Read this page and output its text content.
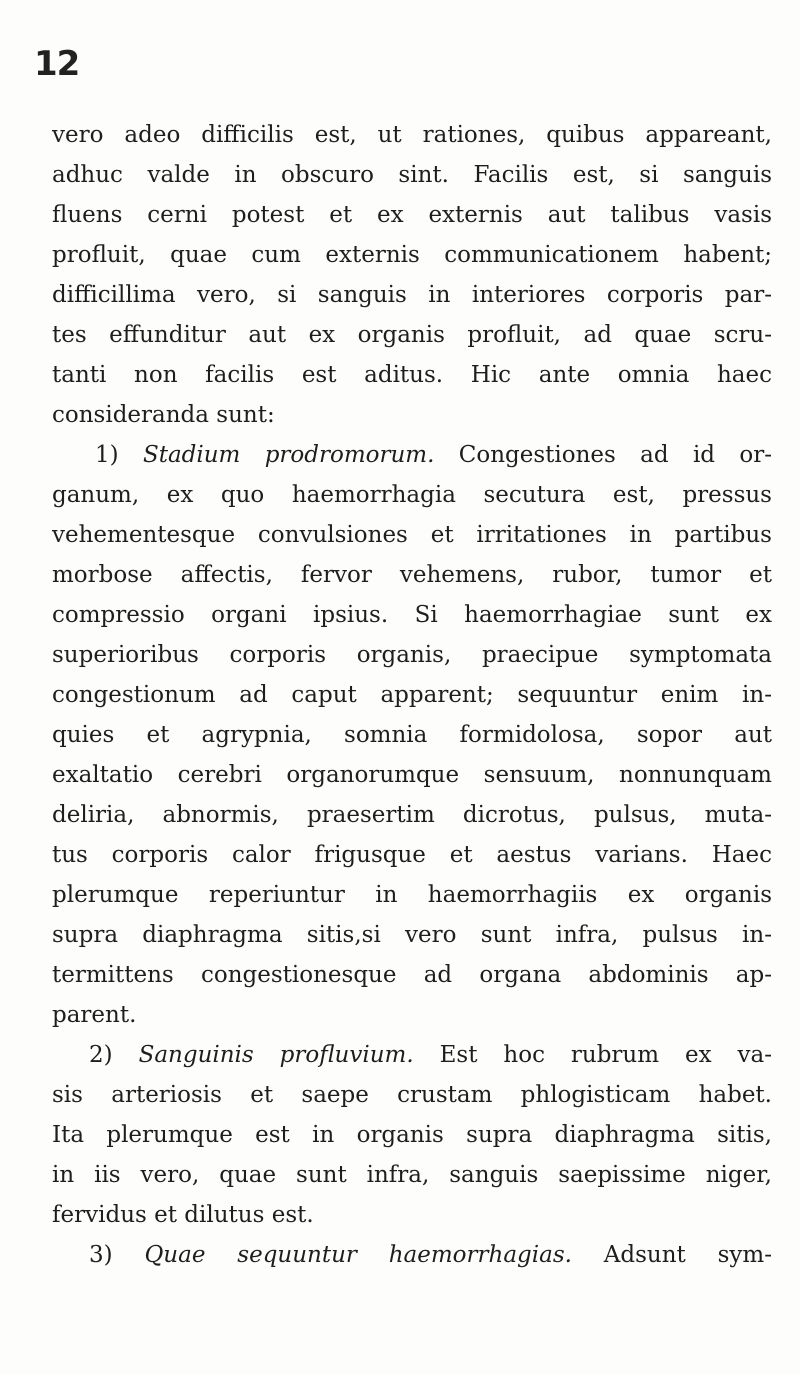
12
vero adeo difficilis est, ut rationes, quibus appareant,
adhuc valde in obscuro sint. Facilis est, si sanguis
fluens cerni potest et ex externis aut talibus vasis
profluit, quae cum externis communicationem habent;
difficillima vero, si sanguis in interiores corporis par-
tes effunditur aut ex organis profluit, ad quae scru-
tanti non facilis est aditus. Hic ante omnia haec
consideranda sunt:
1) Stadium prodromorum. Congestiones ad id or-
ganum, ex quo haemorrhagia secutura est, pressus
vehementesque convulsiones et irritationes in partibus
morbose affectis, fervor vehemens, rubor, tumor et
compressio organi ipsius. Si haemorrhagiae sunt ex
superioribus corporis organis, praecipue symptomata
congestionum ad caput apparent; sequuntur enim in-
quies et agrypnia, somnia formidolosa, sopor aut
exaltatio cerebri organorumque sensuum, nonnunquam
deliria, abnormis, praesertim dicrotus, pulsus, muta-
tus corporis calor frigusque et aestus varians. Haec
plerumque reperiuntur in haemorrhagiis ex organis
supra diaphragma sitis,si vero sunt infra, pulsus in-
termittens congestionesque ad organa abdominis ap-
parent.
2) Sanguinis profluvium. Est hoc rubrum ex va-
sis arteriosis et saepe crustam phlogisticam habet.
Ita plerumque est in organis supra diaphragma sitis,
in iis vero, quae sunt infra, sanguis saepissime niger,
fervidus et dilutus est.
3) Quae sequuntur haemorrhagias. Adsunt sym-
